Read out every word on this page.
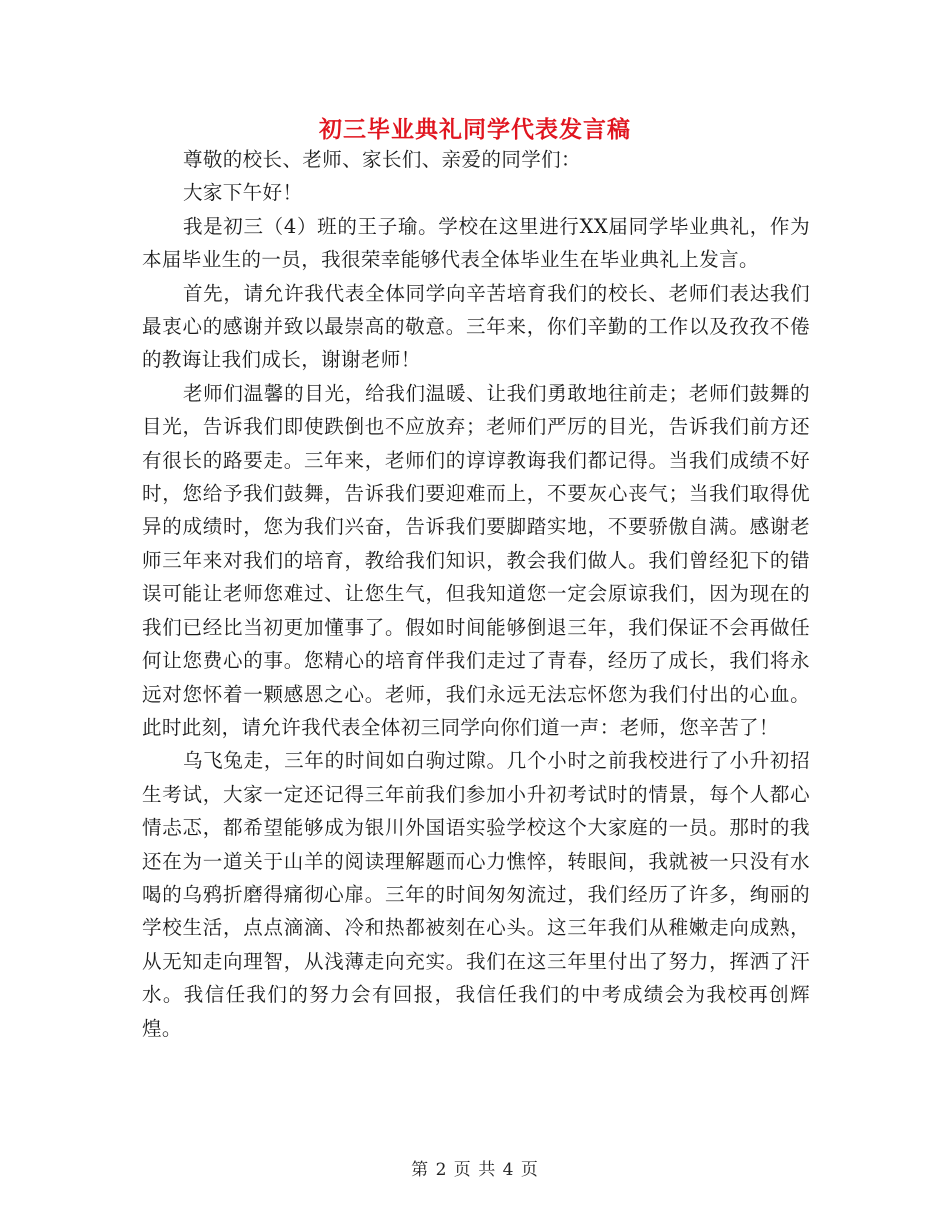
初三毕业典礼同学代表发言稿

尊敬的校长、老师、家长们、亲爱的同学们：

大家下午好！

我是初三（4）班的王子瑜。学校在这里进行XX届同学毕业典礼，作为本届毕业生的一员，我很荣幸能够代表全体毕业生在毕业典礼上发言。

首先，请允许我代表全体同学向辛苦培育我们的校长、老师们表达我们最衷心的感谢并致以最崇高的敬意。三年来，你们辛勤的工作以及孜孜不倦的教诲让我们成长，谢谢老师！

老师们温馨的目光，给我们温暖、让我们勇敢地往前走；老师们鼓舞的目光，告诉我们即使跌倒也不应放弃；老师们严厉的目光，告诉我们前方还有很长的路要走。三年来，老师们的谆谆教诲我们都记得。当我们成绩不好时，您给予我们鼓舞，告诉我们要迎难而上，不要灰心丧气；当我们取得优异的成绩时，您为我们兴奋，告诉我们要脚踏实地，不要骄傲自满。感谢老师三年来对我们的培育，教给我们知识，教会我们做人。我们曾经犯下的错误可能让老师您难过、让您生气，但我知道您一定会原谅我们，因为现在的我们已经比当初更加懂事了。假如时间能够倒退三年，我们保证不会再做任何让您费心的事。您精心的培育伴我们走过了青春，经历了成长，我们将永远对您怀着一颗感恩之心。老师，我们永远无法忘怀您为我们付出的心血。此时此刻，请允许我代表全体初三同学向你们道一声：老师，您辛苦了！

乌飞兔走，三年的时间如白驹过隙。几个小时之前我校进行了小升初招生考试，大家一定还记得三年前我们参加小升初考试时的情景，每个人都心情忐忑，都希望能够成为银川外国语实验学校这个大家庭的一员。那时的我还在为一道关于山羊的阅读理解题而心力憔悴，转眼间，我就被一只没有水喝的乌鸦折磨得痛彻心扉。三年的时间匆匆流过，我们经历了许多，绚丽的学校生活，点点滴滴、冷和热都被刻在心头。这三年我们从稚嫩走向成熟，从无知走向理智，从浅薄走向充实。我们在这三年里付出了努力，挥洒了汗水。我信任我们的努力会有回报，我信任我们的中考成绩会为我校再创辉煌。

第 2 页 共 4 页
